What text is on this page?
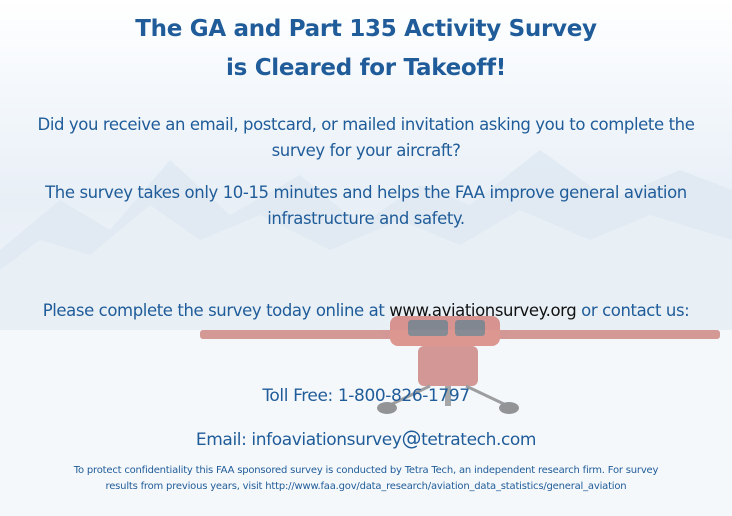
The GA and Part 135 Activity Survey
is Cleared for Takeoff!
Did you receive an email, postcard, or mailed invitation asking you to complete the survey for your aircraft?
The survey takes only 10-15 minutes and helps the FAA improve general aviation infrastructure and safety.
Please complete the survey today online at www.aviationsurvey.org or contact us:
Toll Free: 1-800-826-1797
Email: infoaviationsurvey@tetratech.com
To protect confidentiality this FAA sponsored survey is conducted by Tetra Tech, an independent research firm. For survey
results from previous years, visit http://www.faa.gov/data_research/aviation_data_statistics/general_aviation
